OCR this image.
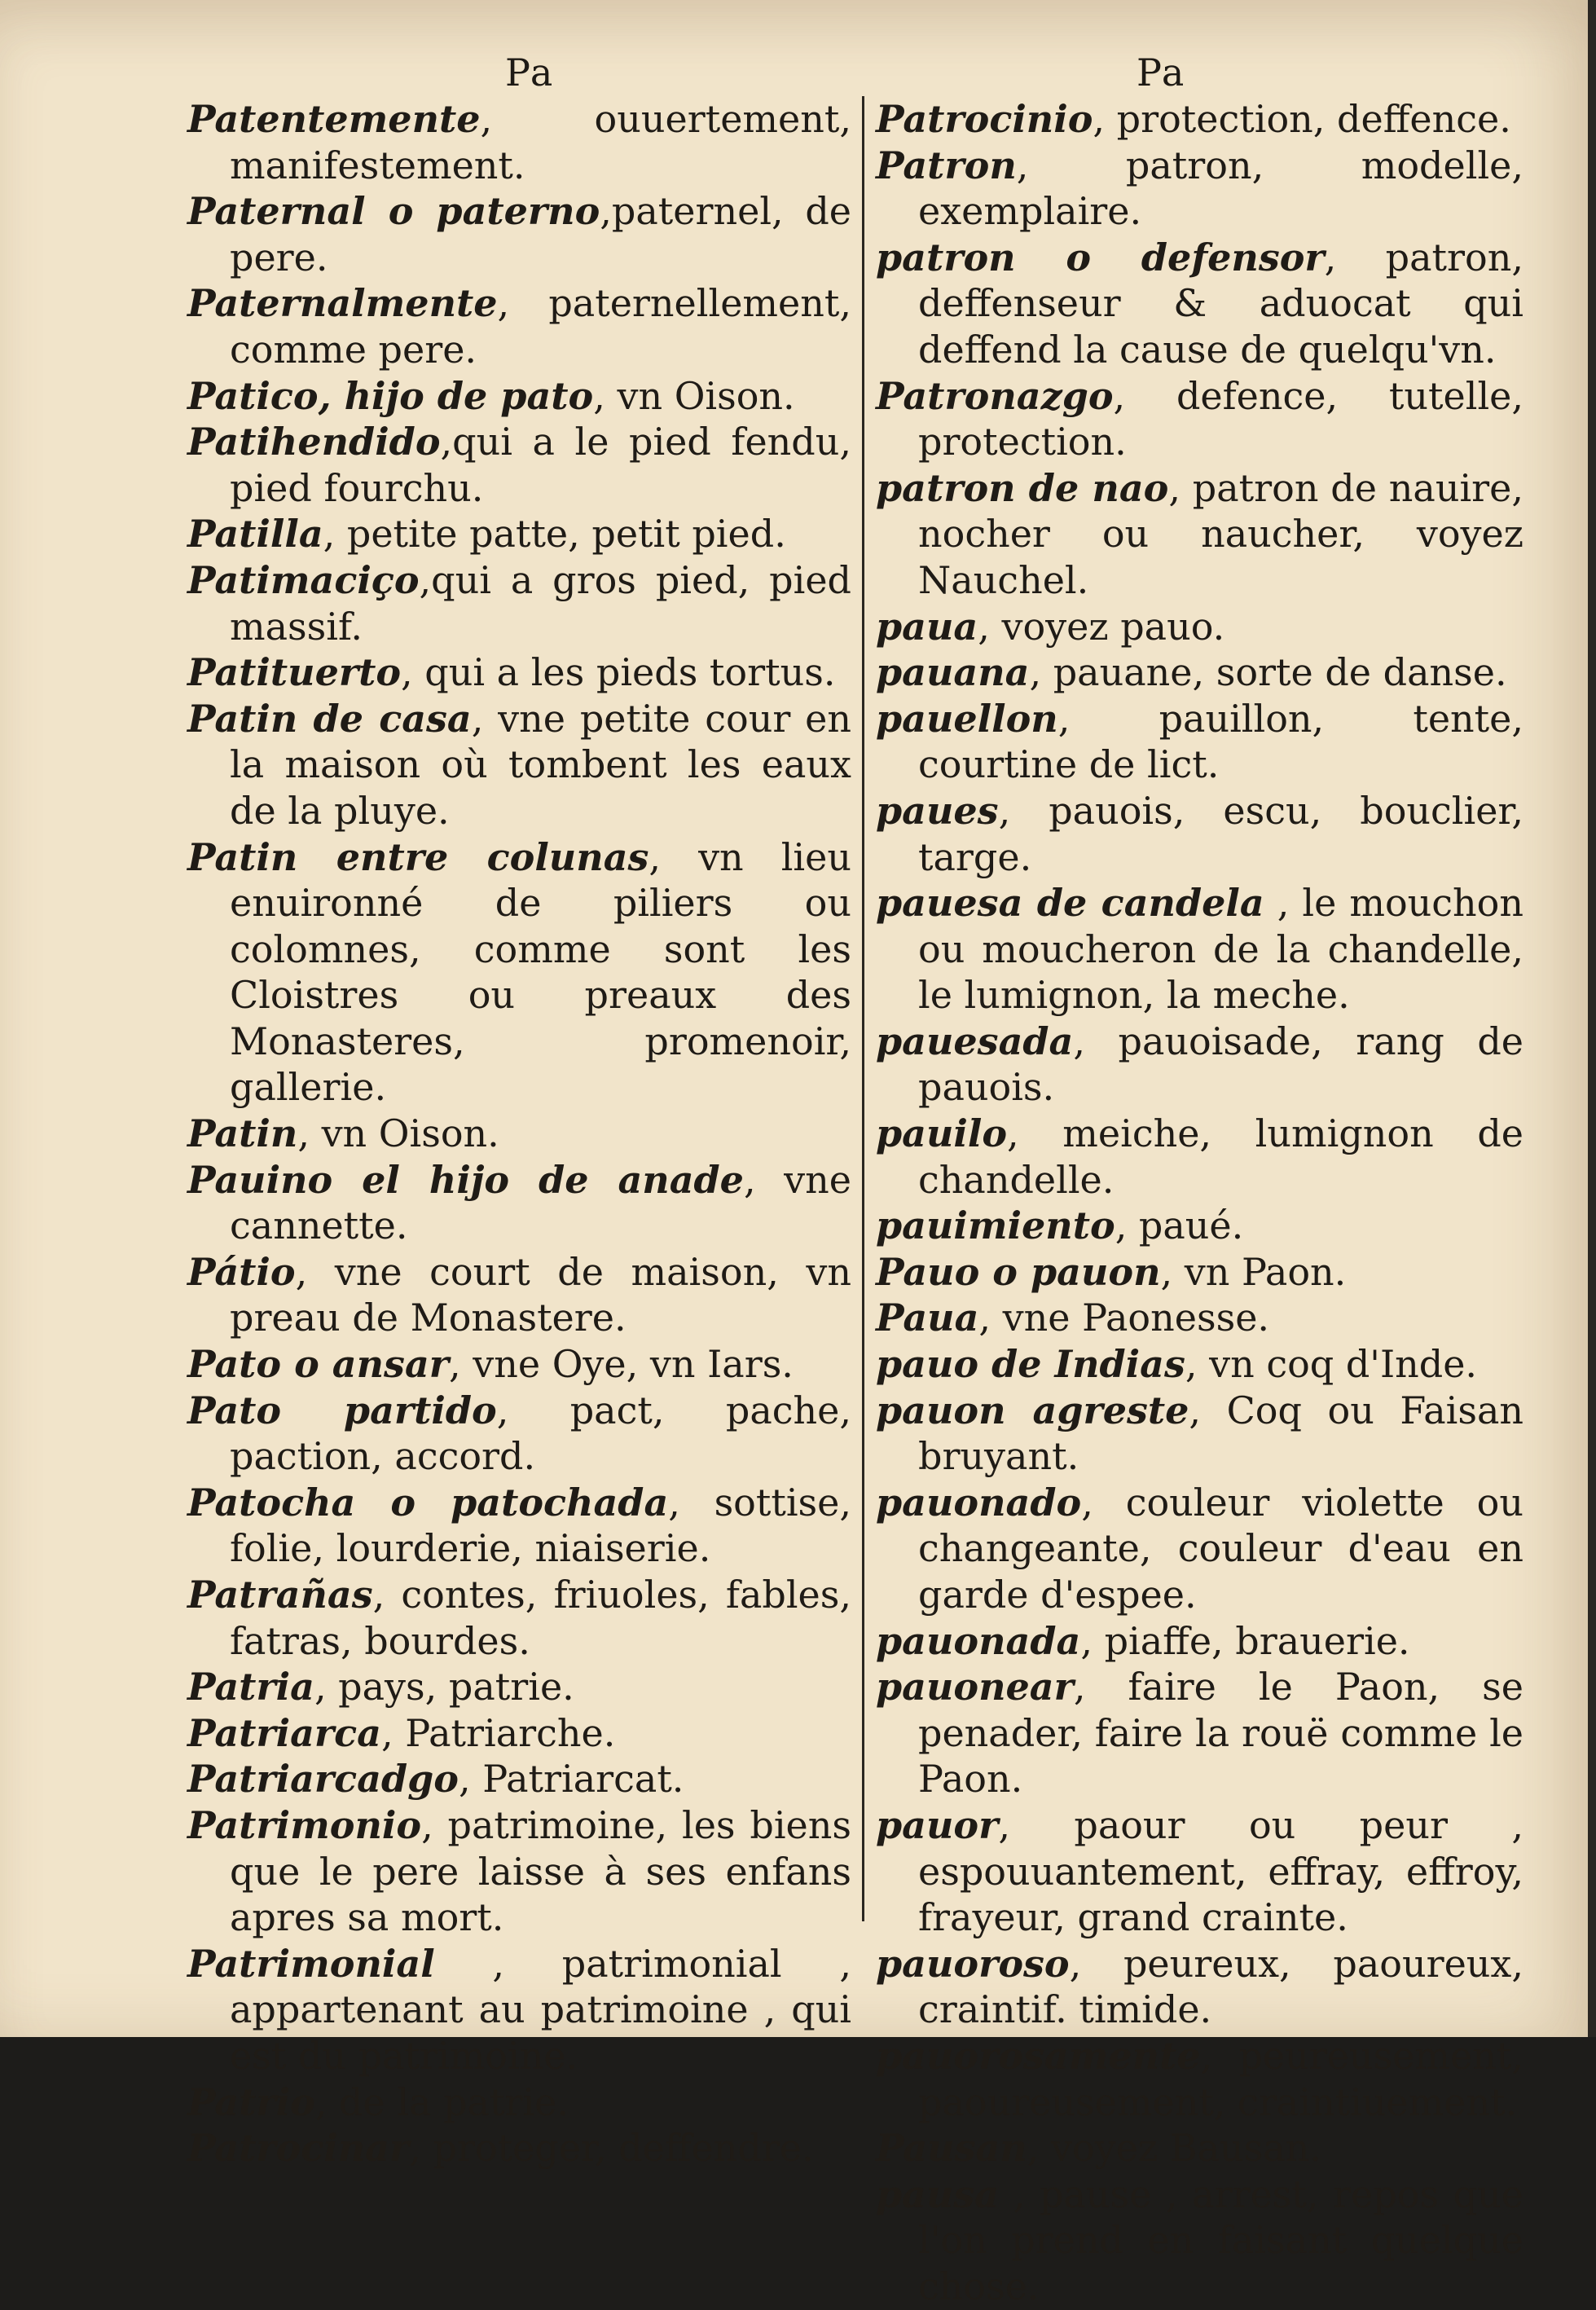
Pa	Pa
Patentemente, ouuertement, manifestement.
Paternal o paterno,paternel, de pere.
Paternalmente, paternellement, comme pere.
Patico, hijo de pato, vn Oison.
Patihendido,qui a le pied fendu, pied fourchu.
Patilla, petite patte, petit pied.
Patimaciço,qui a gros pied, pied massif.
Patituerto, qui a les pieds tortus.
Patin de casa, vne petite cour en la maison où tombent les eaux de la pluye.
Patin entre colunas, vn lieu enuironné de piliers ou colomnes, comme sont les Cloistres ou preaux des Monasteres, promenoir, gallerie.
Patin, vn Oison.
Pauino el hijo de anade, vne cannette.
Pátio, vne court de maison, vn preau de Monastere.
Pato o ansar, vne Oye, vn Iars.
Pato partido, pact, pache, paction, accord.
Patocha o patochada, sottise, folie, lourderie, niaiserie.
Patrañas, contes, friuoles, fables, fatras, bourdes.
Patria, pays, patrie.
Patriarca, Patriarche.
Patriarcadgo, Patriarcat.
Patrimonio, patrimoine, les biens que le pere laisse à ses enfans apres sa mort.
Patrimonial , patrimonial , appartenant au patrimoine , qui est du patrimoine.
Patrio, de la patrie.
Patrocinar, proteger, deffendre.
Patrocinio, protection, deffence.
Patron, patron, modelle, exemplaire.
patron o defensor, patron, deffenseur & aduocat qui deffend la cause de quelqu'vn.
Patronazgo, defence, tutelle, protection.
patron de nao, patron de nauire, nocher ou naucher, voyez Nauchel.
paua, voyez pauo.
pauana, pauane, sorte de danse.
pauellon, pauillon, tente, courtine de lict.
paues, pauois, escu, bouclier, targe.
pauesa de candela , le mouchon ou moucheron de la chandelle, le lumignon, la meche.
pauesada, pauoisade, rang de pauois.
pauilo, meiche, lumignon de chandelle.
pauimiento, paué.
Pauo o pauon, vn Paon.
Paua, vne Paonesse.
pauo de Indias, vn coq d'Inde.
pauon agreste, Coq ou Faisan bruyant.
pauonado, couleur violette ou changeante, couleur d'eau en garde d'espee.
pauonada, piaffe, brauerie.
pauonear, faire le Paon, se penader, faire la rouë comme le Paon.
pauor, paour ou peur , espouuantement, effray, effroy, frayeur, grand crainte.
pauoroso, peureux, paoureux, craintif. timide.
pauorosamente, peureusement, paoureusement, craintiuement.
Pausan, voyez Bausan.
pausa , pause , arrest, repos que l'on prend en faisant quelque chose.
